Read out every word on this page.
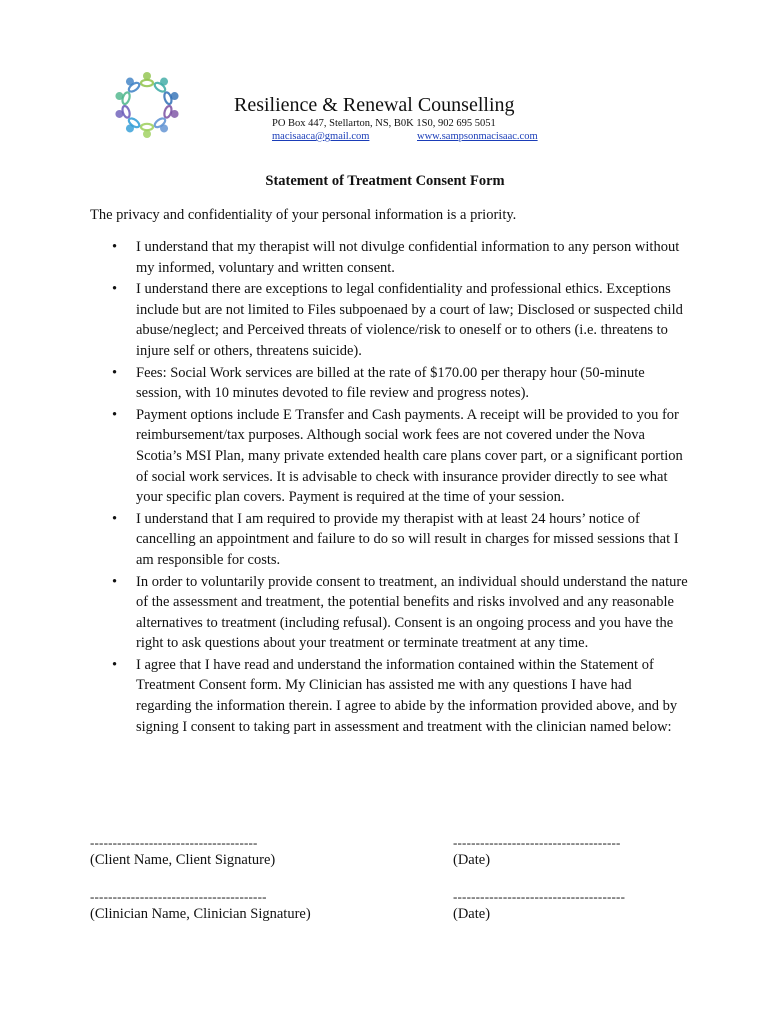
Resilience & Renewal Counselling
PO Box 447, Stellarton, NS, B0K 1S0, 902 695 5051
macisaaca@gmail.com	www.sampsonmacisaac.com
Statement of Treatment Consent Form
The privacy and confidentiality of your personal information is a priority.
• I understand that my therapist will not divulge confidential information to any person without my informed, voluntary and written consent.
• I understand there are exceptions to legal confidentiality and professional ethics. Exceptions include but are not limited to Files subpoenaed by a court of law; Disclosed or suspected child abuse/neglect; and Perceived threats of violence/risk to oneself or to others (i.e. threatens to injure self or others, threatens suicide).
• Fees: Social Work services are billed at the rate of $170.00 per therapy hour (50-minute session, with 10 minutes devoted to file review and progress notes).
• Payment options include E Transfer and Cash payments. A receipt will be provided to you for reimbursement/tax purposes. Although social work fees are not covered under the Nova Scotia’s MSI Plan, many private extended health care plans cover part, or a significant portion of social work services. It is advisable to check with insurance provider directly to see what your specific plan covers. Payment is required at the time of your session.
• I understand that I am required to provide my therapist with at least 24 hours’ notice of cancelling an appointment and failure to do so will result in charges for missed sessions that I am responsible for costs.
• In order to voluntarily provide consent to treatment, an individual should understand the nature of the assessment and treatment, the potential benefits and risks involved and any reasonable alternatives to treatment (including refusal). Consent is an ongoing process and you have the right to ask questions about your treatment or terminate treatment at any time.
• I agree that I have read and understand the information contained within the Statement of Treatment Consent form. My Clinician has assisted me with any questions I have had regarding the information therein. I agree to abide by the information provided above, and by signing I consent to taking part in assessment and treatment with the clinician named below:
-------------------------------------
(Client Name, Client Signature)
-------------------------------------
(Date)
---------------------------------------
(Clinician Name, Clinician Signature)
--------------------------------------
(Date)
